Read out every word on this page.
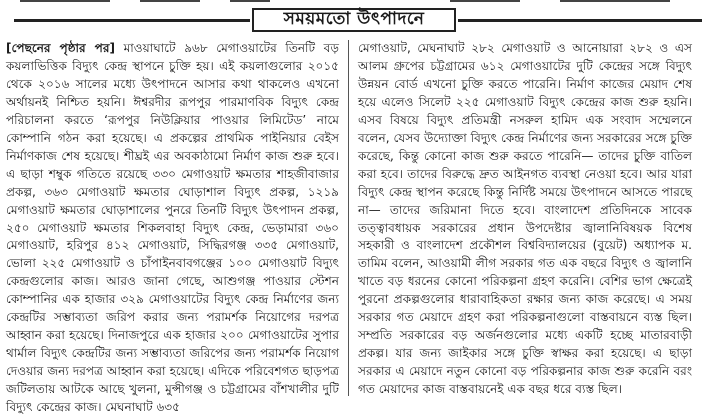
সময়মতো উৎপাদনে

[পেছনের পৃষ্ঠার পর] মাওয়াঘাটে ৯৬৮ মেগাওয়াটের তিনটি বড় কয়লাভিত্তিক বিদ্যুৎ কেন্দ্র স্থাপনে চুক্তি হয়। এই কয়লাগুলোর ২০১৫ থেকে ২০১৬ সালের মধ্যে উৎপাদনে আসার কথা থাকলেও এখনো অর্থায়নই নিশ্চিত হয়নি। ঈশ্বরদীর রূপপুর পারমাণবিক বিদ্যুৎ কেন্দ্র পরিচালনা করতে ‘রূপপুর নিউক্লিয়ার পাওয়ার লিমিটেড’ নামে কোম্পানি গঠন করা হয়েছে। এ প্রকল্পের প্রাথমিক পাইনিয়ার বেইস নির্মাণকাজ শেষ হয়েছে। শীঘ্রই এর অবকাঠামো নির্মাণ কাজ শুরু হবে। এ ছাড়া শম্বুক গতিতে রয়েছে ৩৩০ মেগাওয়াট ক্ষমতার শাহজীবাজার প্রকল্প, ৩৬৩ মেগাওয়াট ক্ষমতার ঘোড়াশাল বিদ্যুৎ প্রকল্প, ১২১৯ মেগাওয়াট ক্ষমতার ঘোড়াশালের পুনরে তিনটি বিদ্যুৎ উৎপাদন প্রকল্প, ২৫০ মেগাওয়াট ক্ষমতার শিকলবাহা বিদ্যুৎ কেন্দ্র, ভেড়ামারা ৩৬০ মেগাওয়াট, হরিপুর ৪১২ মেগাওয়াট, সিদ্ধিরগঞ্জ ৩৩৫ মেগাওয়াট, ভোলা ২২৫ মেগাওয়াট ও চাঁপাইনবাবগঞ্জের ১০০ মেগাওয়াট বিদ্যুৎ কেন্দ্রগুলোর কাজ। আরও জানা গেছে, আশুগঞ্জ পাওয়ার স্টেশন কোম্পানির এক হাজার ৩২৯ মেগাওয়াটের বিদ্যুৎ কেন্দ্র নির্মাণের জন্য কেন্দ্রটির সম্ভাব্যতা জরিপ করার জন্য পরামর্শক নিয়োগের দরপত্র আহ্বান করা হয়েছে। দিনাজপুরে এক হাজার ২০০ মেগাওয়াটের সুপার থার্মাল বিদ্যুৎ কেন্দ্রটির জন্য সম্ভাব্যতা জরিপের জন্য পরামর্শক নিয়োগ দেওয়ার জন্য দরপত্র আহ্বান করা হয়েছে। এদিকে পরিবেশগত ছাড়পত্র জটিলতায় আটকে আছে খুলনা, মুন্সীগঞ্জ ও চট্টগ্রামের বাঁশখালীর দুটি বিদ্যুৎ কেন্দ্রের কাজ। মেঘনাঘাট ৬৩৫

মেগাওয়াট, মেঘনাঘাট ২৮২ মেগাওয়াট ও আনোয়ারা ২৮২ ও এস আলম গ্রুপের চট্টগ্রামের ৬১২ মেগাওয়াটের দুটি কেন্দ্রের সঙ্গে বিদ্যুৎ উন্নয়ন বোর্ড এখনো চুক্তি করতে পারেনি। নির্মাণ কাজের মেয়াদ শেষ হয়ে এলেও সিলেট ২২৫ মেগাওয়াট বিদ্যুৎ কেন্দ্রের কাজ শুরু হয়নি। এসব বিষয়ে বিদ্যুৎ প্রতিমন্ত্রী নসরুল হামিদ এক সংবাদ সম্মেলনে বলেন, যেসব উদ্যোক্তা বিদ্যুৎ কেন্দ্র নির্মাণের জন্য সরকারের সঙ্গে চুক্তি করেছে, কিন্তু কোনো কাজ শুরু করতে পারেনি— তাদের চুক্তি বাতিল করা হবে। তাদের বিরুদ্ধে দ্রুত আইনগত ব্যবস্থা নেওয়া হবে। আর যারা বিদ্যুৎ কেন্দ্র স্থাপন করেছে কিন্তু নির্দিষ্ট সময়ে উৎপাদনে আসতে পারছে না— তাদের জরিমানা দিতে হবে। বাংলাদেশ প্রতিদিনকে সাবেক তত্ত্বাবধায়ক সরকারের প্রধান উপদেষ্টার জ্বালানিবিষয়ক বিশেষ সহকারী ও বাংলাদেশ প্রকৌশল বিশ্ববিদ্যালয়ের (বুয়েট) অধ্যাপক ম. তামিম বলেন, আওয়ামী লীগ সরকার গত এক বছরে বিদ্যুৎ ও জ্বালানি খাতে বড় ধরনের কোনো পরিকল্পনা গ্রহণ করেনি। বেশির ভাগ ক্ষেত্রেই পুরনো প্রকল্পগুলোর ধারাবাহিকতা রক্ষার জন্য কাজ করেছে। এ সময় সরকার গত মেয়াদে গ্রহণ করা পরিকল্পনাগুলো বাস্তবায়নে ব্যস্ত ছিল। সম্প্রতি সরকারের বড় অর্জনগুলোর মধ্যে একটি হচ্ছে মাতারবাড়ী প্রকল্প। যার জন্য জাইকার সঙ্গে চুক্তি স্বাক্ষর করা হয়েছে। এ ছাড়া সরকার এ মেয়াদে নতুন কোনো বড় পরিকল্পনার কাজ শুরু করেনি বরং গত মেয়াদের কাজ বাস্তবায়নেই এক বছর ধরে ব্যস্ত ছিল।
